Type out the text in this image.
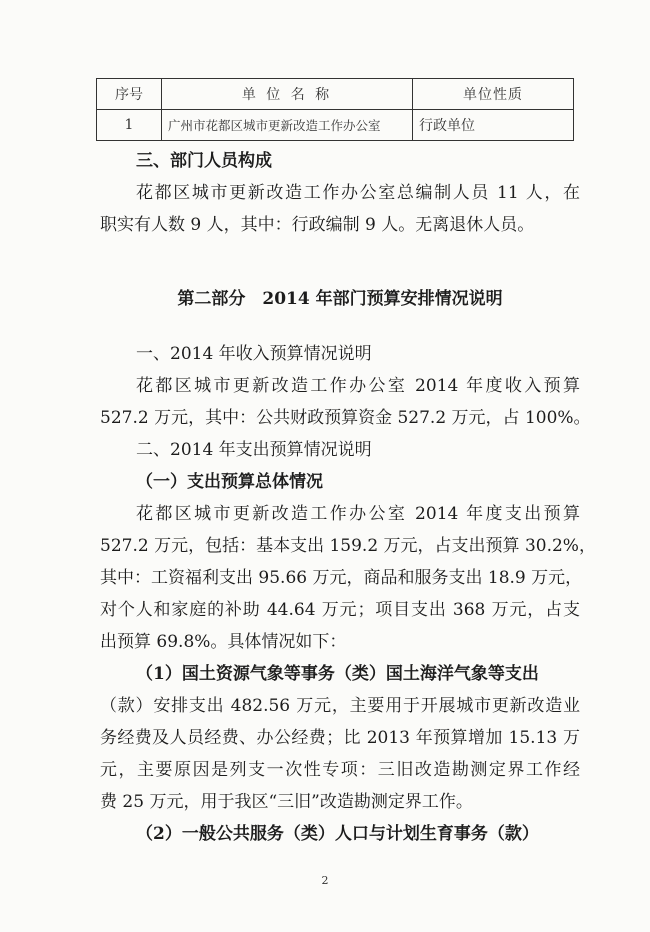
序号	单 位 名 称	单位性质
1	广州市花都区城市更新改造工作办公室	行政单位
三、部门人员构成
花都区城市更新改造工作办公室总编制人员 11 人，在
职实有人数 9 人，其中：行政编制 9 人。无离退休人员。
第二部分　2014 年部门预算安排情况说明
一、2014 年收入预算情况说明
花都区城市更新改造工作办公室 2014 年度收入预算
527.2 万元，其中：公共财政预算资金 527.2 万元，占 100%。
二、2014 年支出预算情况说明
（一）支出预算总体情况
花都区城市更新改造工作办公室 2014 年度支出预算
527.2 万元，包括：基本支出 159.2 万元，占支出预算 30.2%，
其中：工资福利支出 95.66 万元，商品和服务支出 18.9 万元，
对个人和家庭的补助 44.64 万元；项目支出 368 万元，占支
出预算 69.8%。具体情况如下：
（1）国土资源气象等事务（类）国土海洋气象等支出
（款）安排支出 482.56 万元，主要用于开展城市更新改造业
务经费及人员经费、办公经费；比 2013 年预算增加 15.13 万
元，主要原因是列支一次性专项：三旧改造勘测定界工作经
费 25 万元，用于我区“三旧”改造勘测定界工作。
（2）一般公共服务（类）人口与计划生育事务（款）
2
